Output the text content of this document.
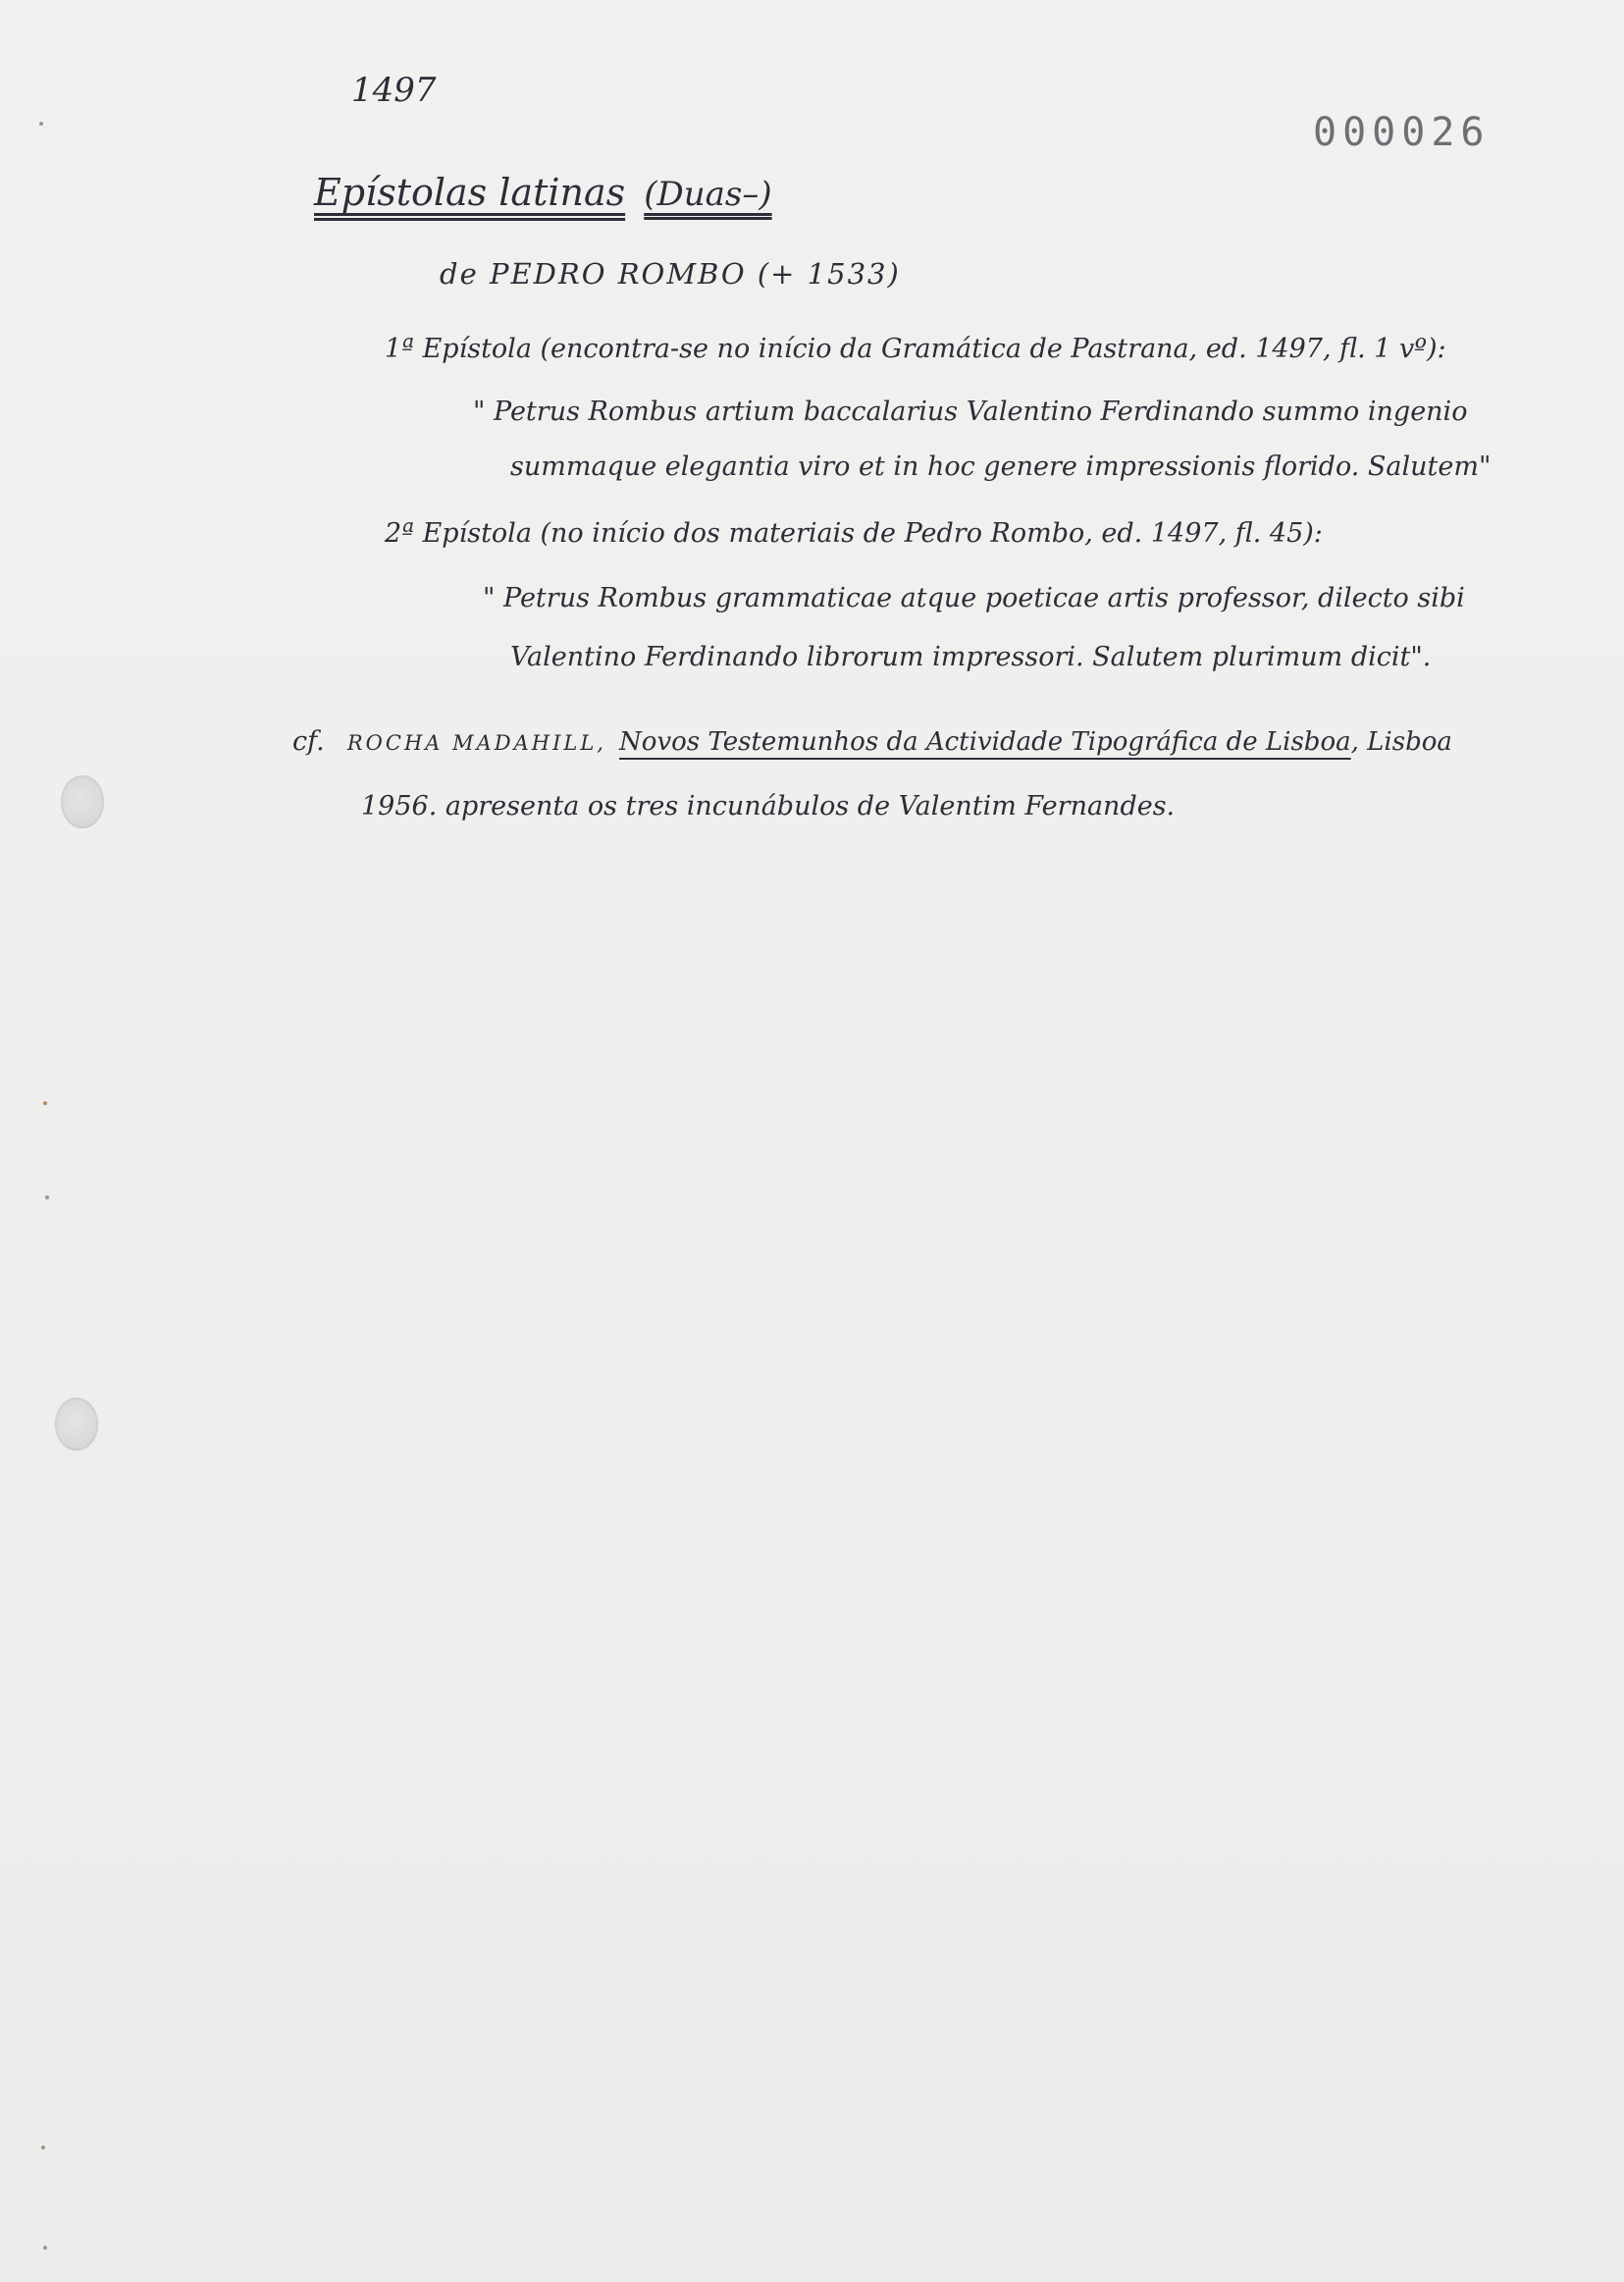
1497
000026
Epístolas latinas (Duas–)
de PEDRO ROMBO (+ 1533)
1ª Epístola (encontra-se no início da Gramática de Pastrana, ed. 1497, fl. 1 vº):
" Petrus Rombus artium baccalarius Valentino Ferdinando summo ingenio
summaque elegantia viro et in hoc genere impressionis florido. Salutem"
2ª Epístola (no início dos materiais de Pedro Rombo, ed. 1497, fl. 45):
" Petrus Rombus grammaticae atque poeticae artis professor, dilecto sibi
Valentino Ferdinando librorum impressori. Salutem plurimum dicit".
cf. ROCHA MADAHILL, Novos Testemunhos da Actividade Tipográfica de Lisboa, Lisboa
1956. apresenta os tres incunábulos de Valentim Fernandes.
